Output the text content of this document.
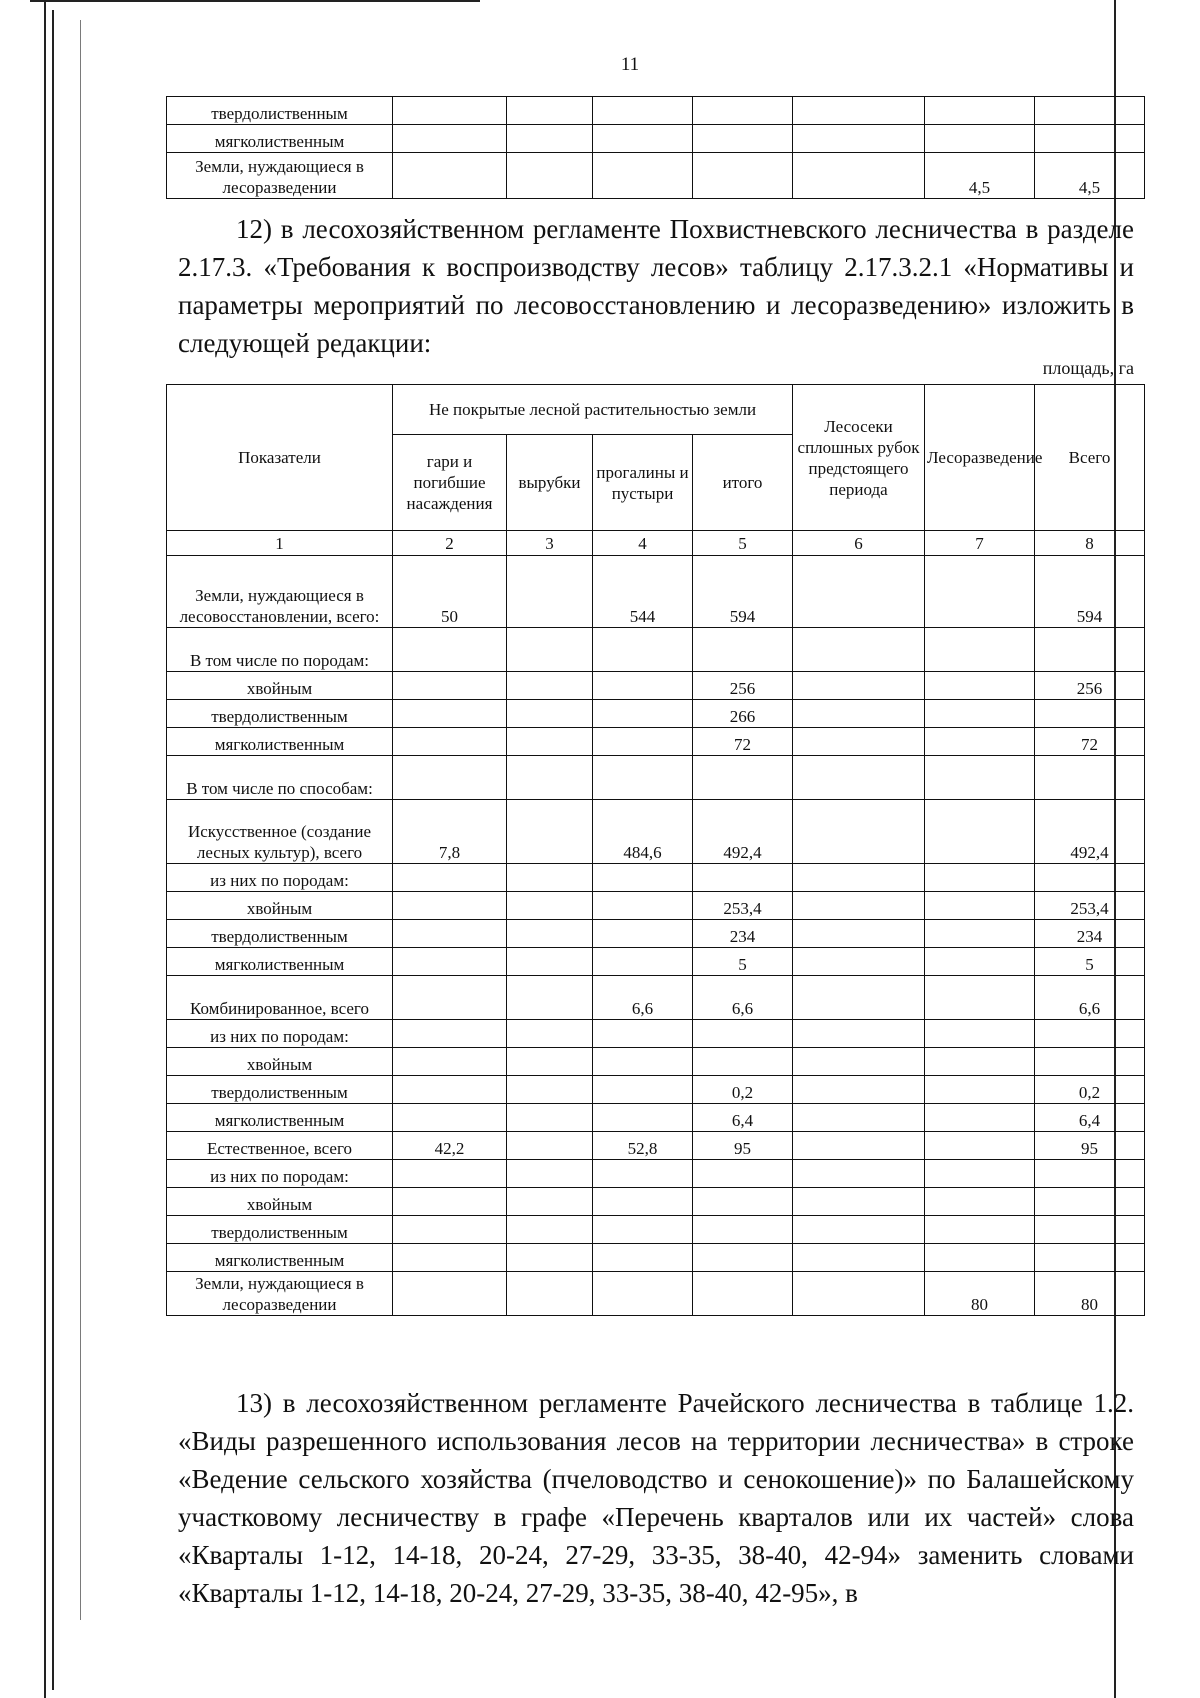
11
твердолиственным							
мягколиственным							
Земли, нуждающиеся в лесоразведении						4,5	4,5
12) в лесохозяйственном регламенте Похвистневского лесничества в разделе 2.17.3. «Требования к воспроизводству лесов» таблицу 2.17.3.2.1 «Нормативы и параметры мероприятий по лесовосстановлению и лесоразведению» изложить в следующей редакции:
площадь, га
Показатели	Не покрытые лесной растительностью земли				Лесосеки сплошных рубок предстоящего периода	Лесоразведение	Всего
	гари и погибшие насаждения	вырубки	прогалины и пустыри	итого			
1	2	3	4	5	6	7	8
Земли, нуждающиеся в лесовосстановлении, всего:	50		544	594			594
В том числе по породам:							
хвойным				256			256
твердолиственным				266			
мягколиственным				72			72
В том числе по способам:							
Искусственное (создание лесных культур), всего	7,8		484,6	492,4			492,4
из них по породам:							
хвойным				253,4			253,4
твердолиственным				234			234
мягколиственным				5			5
Комбинированное, всего			6,6	6,6			6,6
из них по породам:							
хвойным							
твердолиственным				0,2			0,2
мягколиственным				6,4			6,4
Естественное, всего	42,2		52,8	95			95
из них по породам:							
хвойным							
твердолиственным							
мягколиственным							
Земли, нуждающиеся в лесоразведении						80	80
13) в лесохозяйственном регламенте Рачейского лесничества в таблице 1.2. «Виды разрешенного использования лесов на территории лесничества» в строке «Ведение сельского хозяйства (пчеловодство и сенокошение)» по Балашейскому участковому лесничеству в графе «Перечень кварталов или их частей» слова «Кварталы 1-12, 14-18, 20-24, 27-29, 33-35, 38-40, 42-94» заменить словами «Кварталы 1-12, 14-18, 20-24, 27-29, 33-35, 38-40, 42-95», в
